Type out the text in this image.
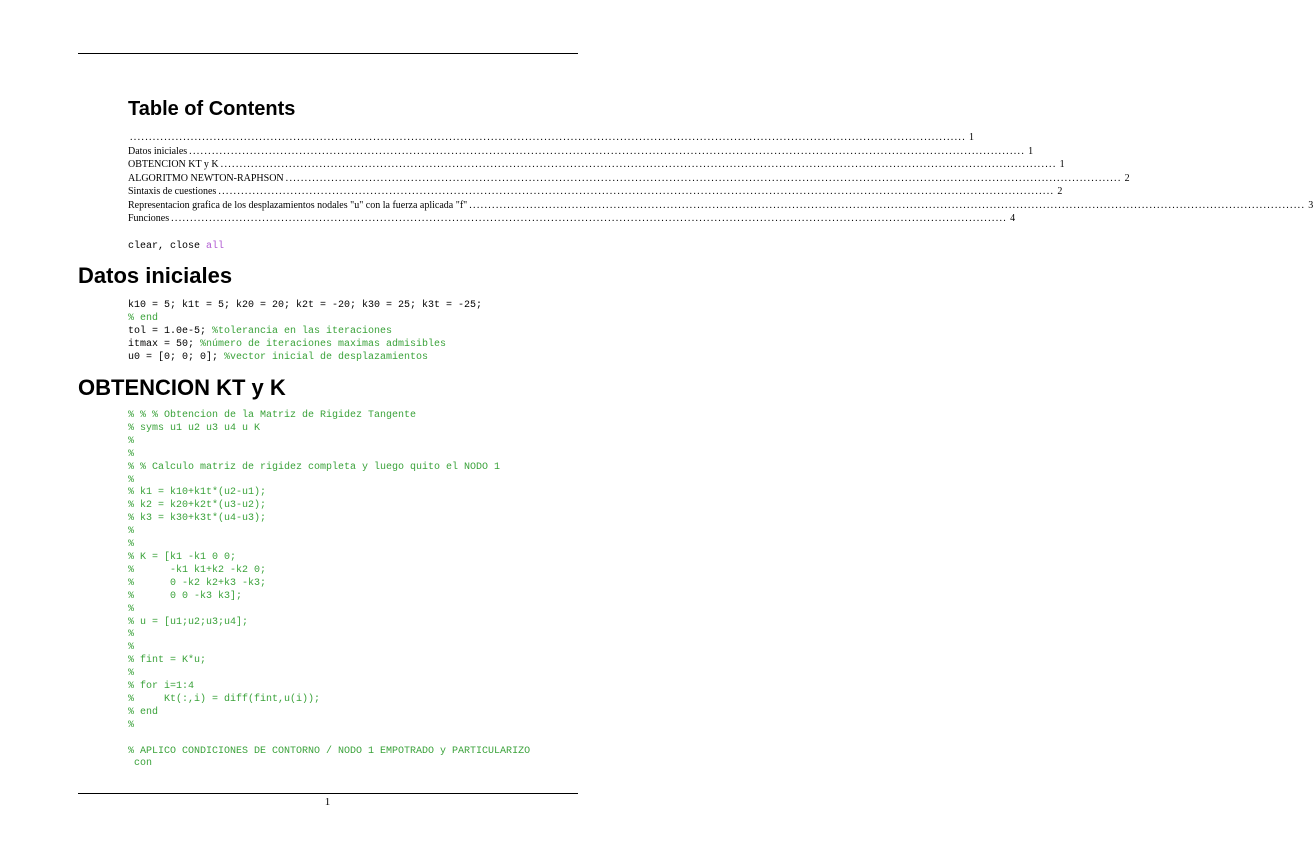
Table of Contents
............................................................................................................................................................................................................................ 1
Datos iniciales ............................................................................................................................................................................................................................ 1
OBTENCION KT y K ............................................................................................................................................................................................................................ 1
ALGORITMO NEWTON-RAPHSON ............................................................................................................................................................................................................................ 2
Sintaxis de cuestiones ............................................................................................................................................................................................................................ 2
Representacion grafica de los desplazamientos nodales "u" con la fuerza aplicada "f" ............................................................................................................................................................................................................................ 3
Funciones ............................................................................................................................................................................................................................ 4
clear, close all
Datos iniciales
k10 = 5; k1t = 5; k20 = 20; k2t = -20; k30 = 25; k3t = -25;
% end
tol = 1.0e-5; %tolerancia en las iteraciones
itmax = 50; %número de iteraciones maximas admisibles
u0 = [0; 0; 0]; %vector inicial de desplazamientos
OBTENCION KT y K
% % % Obtencion de la Matriz de Rigidez Tangente
% syms u1 u2 u3 u4 u K
%
%
% % Calculo matriz de rigidez completa y luego quito el NODO 1
%
% k1 = k10+k1t*(u2-u1);
% k2 = k20+k2t*(u3-u2);
% k3 = k30+k3t*(u4-u3);
%
%
% K = [k1 -k1 0 0;
%      -k1 k1+k2 -k2 0;
%      0 -k2 k2+k3 -k3;
%      0 0 -k3 k3];
%
% u = [u1;u2;u3;u4];
%
%
% fint = K*u;
%
% for i=1:4
%     Kt(:,i) = diff(fint,u(i));
% end
%

% APLICO CONDICIONES DE CONTORNO / NODO 1 EMPOTRADO y PARTICULARIZO
con
1
